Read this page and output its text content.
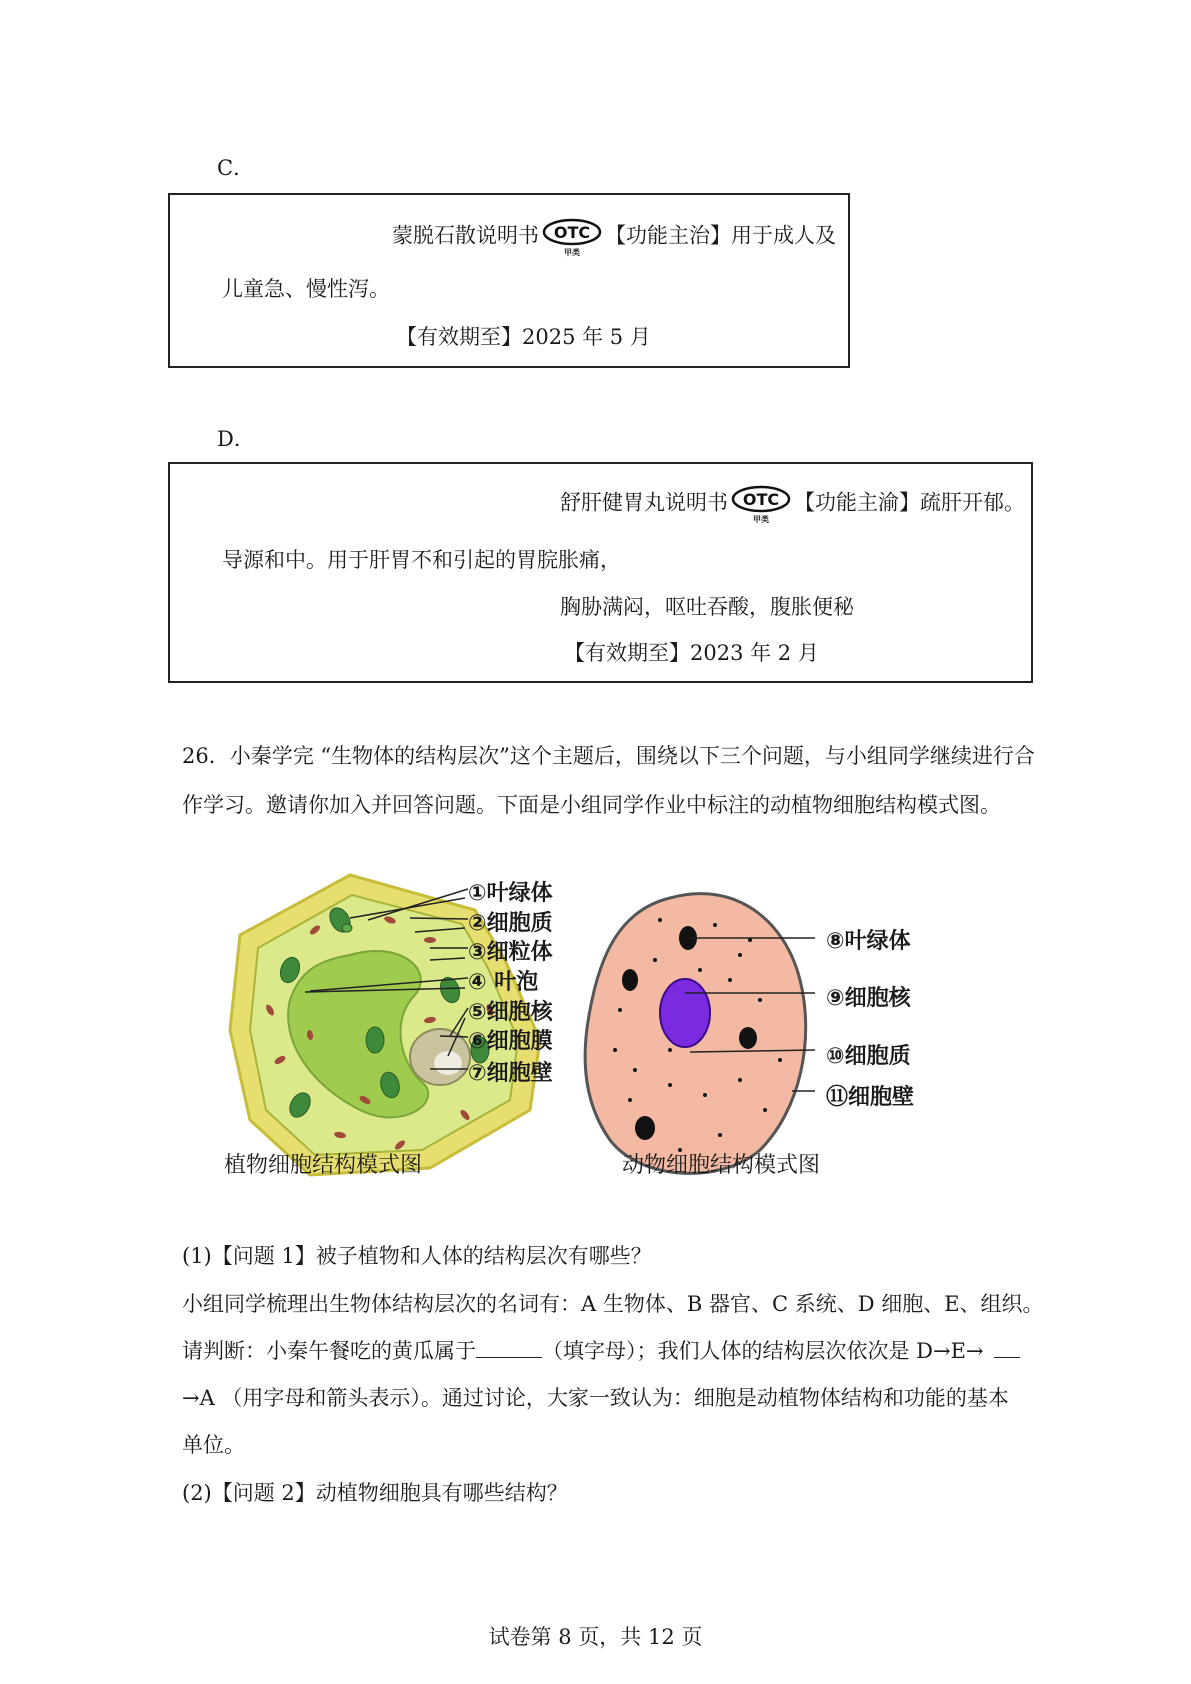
C．
蒙脱石散说明书 OTC
甲类
【功能主治】用于成人及
儿童急、慢性泻。
【有效期至】2025 年 5 月
D．
舒肝健胃丸说明书 OTC
甲类
【功能主渝】疏肝开郁。
导源和中。用于肝胃不和引起的胃脘胀痛，
胸胁满闷，呕吐吞酸，腹胀便秘
【有效期至】2023 年 2 月
26．小秦学完 “生物体的结构层次”这个主题后，围绕以下三个问题，与小组同学继续进行合
作学习。邀请你加入并回答问题。下面是小组同学作业中标注的动植物细胞结构模式图。
①叶绿体
②细胞质
③细粒体
④ 叶泡
⑤细胞核
⑥细胞膜
⑦细胞壁
植物细胞结构模式图
⑧叶绿体
⑨细胞核
⑩细胞质
⑪细胞壁
动物细胞结构模式图
(1)【问题 1】被子植物和人体的结构层次有哪些？
小组同学梳理出生物体结构层次的名词有：A 生物体、B 器官、C 系统、D 细胞、E、组织。
请判断：小秦午餐吃的黄瓜属于	（填字母）；我们人体的结构层次依次是 D→E→
→A （用字母和箭头表示）。通过讨论，大家一致认为：细胞是动植物体结构和功能的基本
单位。
(2)【问题 2】动植物细胞具有哪些结构？
试卷第 8 页，共 12 页
